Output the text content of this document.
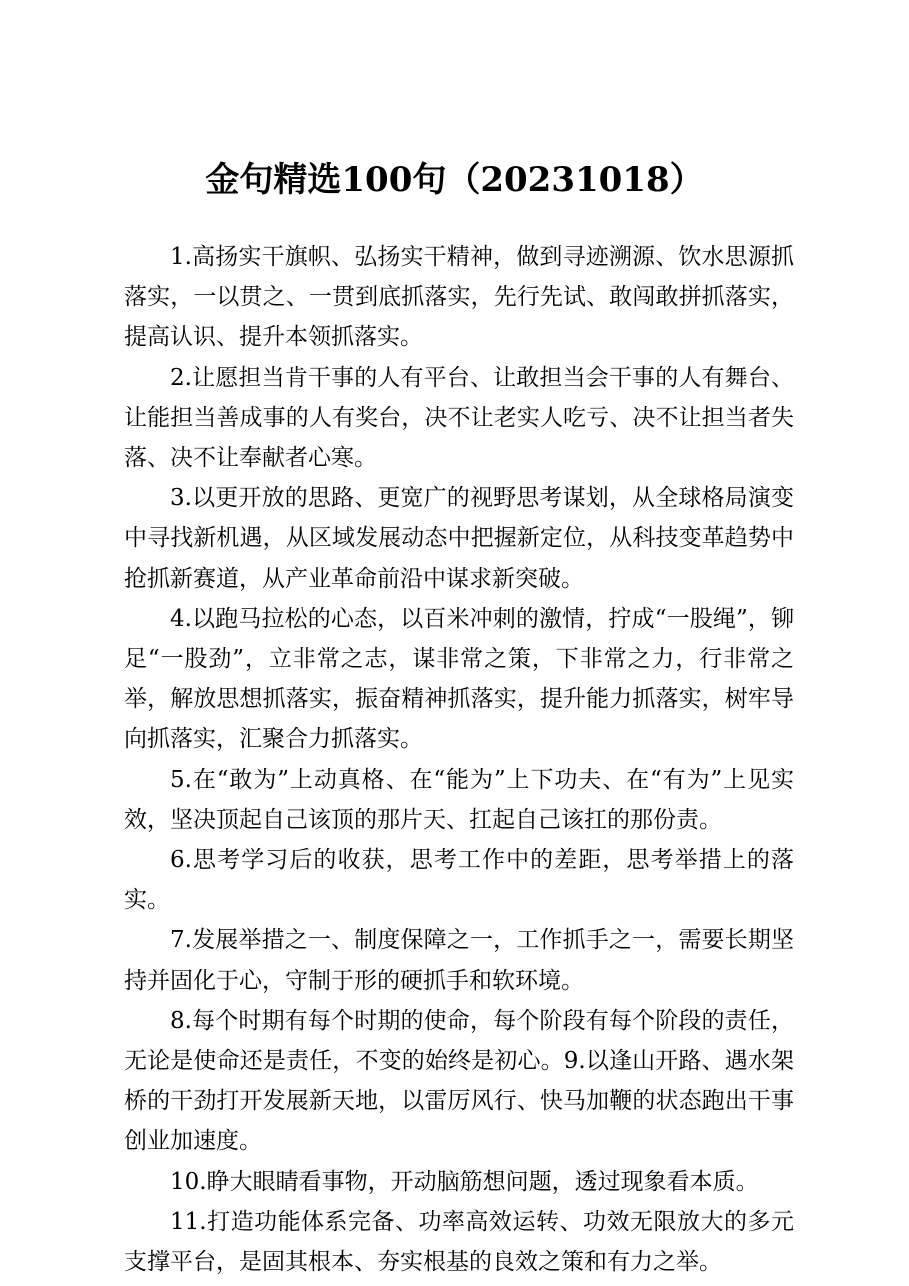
金句精选100句（20231018）

1.高扬实干旗帜、弘扬实干精神，做到寻迹溯源、饮水思源抓落实，一以贯之、一贯到底抓落实，先行先试、敢闯敢拼抓落实，提高认识、提升本领抓落实。

2.让愿担当肯干事的人有平台、让敢担当会干事的人有舞台、让能担当善成事的人有奖台，决不让老实人吃亏、决不让担当者失落、决不让奉献者心寒。

3.以更开放的思路、更宽广的视野思考谋划，从全球格局演变中寻找新机遇，从区域发展动态中把握新定位，从科技变革趋势中抢抓新赛道，从产业革命前沿中谋求新突破。

4.以跑马拉松的心态，以百米冲刺的激情，拧成“一股绳”，铆足“一股劲”，立非常之志，谋非常之策，下非常之力，行非常之举，解放思想抓落实，振奋精神抓落实，提升能力抓落实，树牢导向抓落实，汇聚合力抓落实。

5.在“敢为”上动真格、在“能为”上下功夫、在“有为”上见实效，坚决顶起自己该顶的那片天、扛起自己该扛的那份责。

6.思考学习后的收获，思考工作中的差距，思考举措上的落实。

7.发展举措之一、制度保障之一，工作抓手之一，需要长期坚持并固化于心，守制于形的硬抓手和软环境。

8.每个时期有每个时期的使命，每个阶段有每个阶段的责任，无论是使命还是责任，不变的始终是初心。9.以逢山开路、遇水架桥的干劲打开发展新天地，以雷厉风行、快马加鞭的状态跑出干事创业加速度。

10.睁大眼睛看事物，开动脑筋想问题，透过现象看本质。

11.打造功能体系完备、功率高效运转、功效无限放大的多元支撑平台，是固其根本、夯实根基的良效之策和有力之举。
